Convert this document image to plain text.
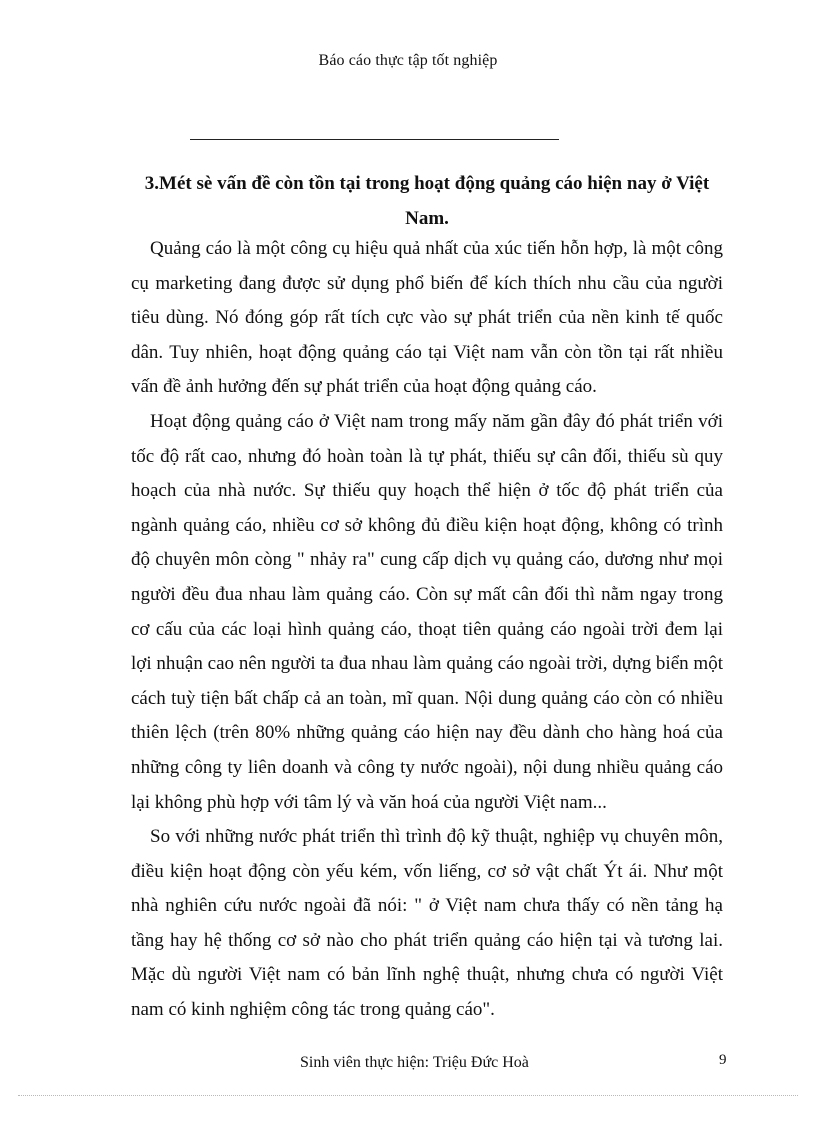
Báo cáo thực tập tốt nghiệp
3.Mét sè vấn đề còn tồn tại trong hoạt động quảng cáo hiện nay ở Việt Nam.

Quảng cáo là một công cụ hiệu quả nhất của xúc tiến hỗn hợp, là một công cụ marketing đang được sử dụng phổ biến để kích thích nhu cầu của người tiêu dùng. Nó đóng góp rất tích cực vào sự phát triển của nền kinh tế quốc dân. Tuy nhiên, hoạt động quảng cáo tại Việt nam vẫn còn tồn tại rất nhiều vấn đề ảnh hưởng đến sự phát triển của hoạt động quảng cáo.

Hoạt động quảng cáo ở Việt nam trong mấy năm gần đây đó phát triển với tốc độ rất cao, nhưng đó hoàn toàn là tự phát, thiếu sự cân đối, thiếu sù quy hoạch của nhà nước. Sự thiếu quy hoạch thể hiện ở tốc độ phát triển của ngành quảng cáo, nhiều cơ sở không đủ điều kiện hoạt động, không có trình độ chuyên môn còng " nhảy ra" cung cấp dịch vụ quảng cáo, dương như mọi người đều đua nhau làm quảng cáo. Còn sự mất cân đối thì nằm ngay trong cơ cấu của các loại hình quảng cáo, thoạt tiên quảng cáo ngoài trời đem lại lợi nhuận cao nên người ta đua nhau làm quảng cáo ngoài trời, dựng biển một cách tuỳ tiện bất chấp cả an toàn, mĩ quan. Nội dung quảng cáo còn có nhiều thiên lệch (trên 80% những quảng cáo hiện nay đều dành cho hàng hoá của những công ty liên doanh và công ty nước ngoài), nội dung nhiều quảng cáo lại không phù hợp với tâm lý và văn hoá của người Việt nam...

So với những nước phát triển thì trình độ kỹ thuật, nghiệp vụ chuyên môn, điều kiện hoạt động còn yếu kém, vốn liếng, cơ sở vật chất Ýt ái. Như một nhà nghiên cứu nước ngoài đã nói: " ở Việt nam chưa thấy có nền tảng hạ tầng hay hệ thống cơ sở nào cho phát triển quảng cáo hiện tại và tương lai. Mặc dù người Việt nam có bản lĩnh nghệ thuật, nhưng chưa có người Việt nam có kinh nghiệm công tác trong quảng cáo".

Sinh viên thực hiện: Triệu Đức Hoà	9
